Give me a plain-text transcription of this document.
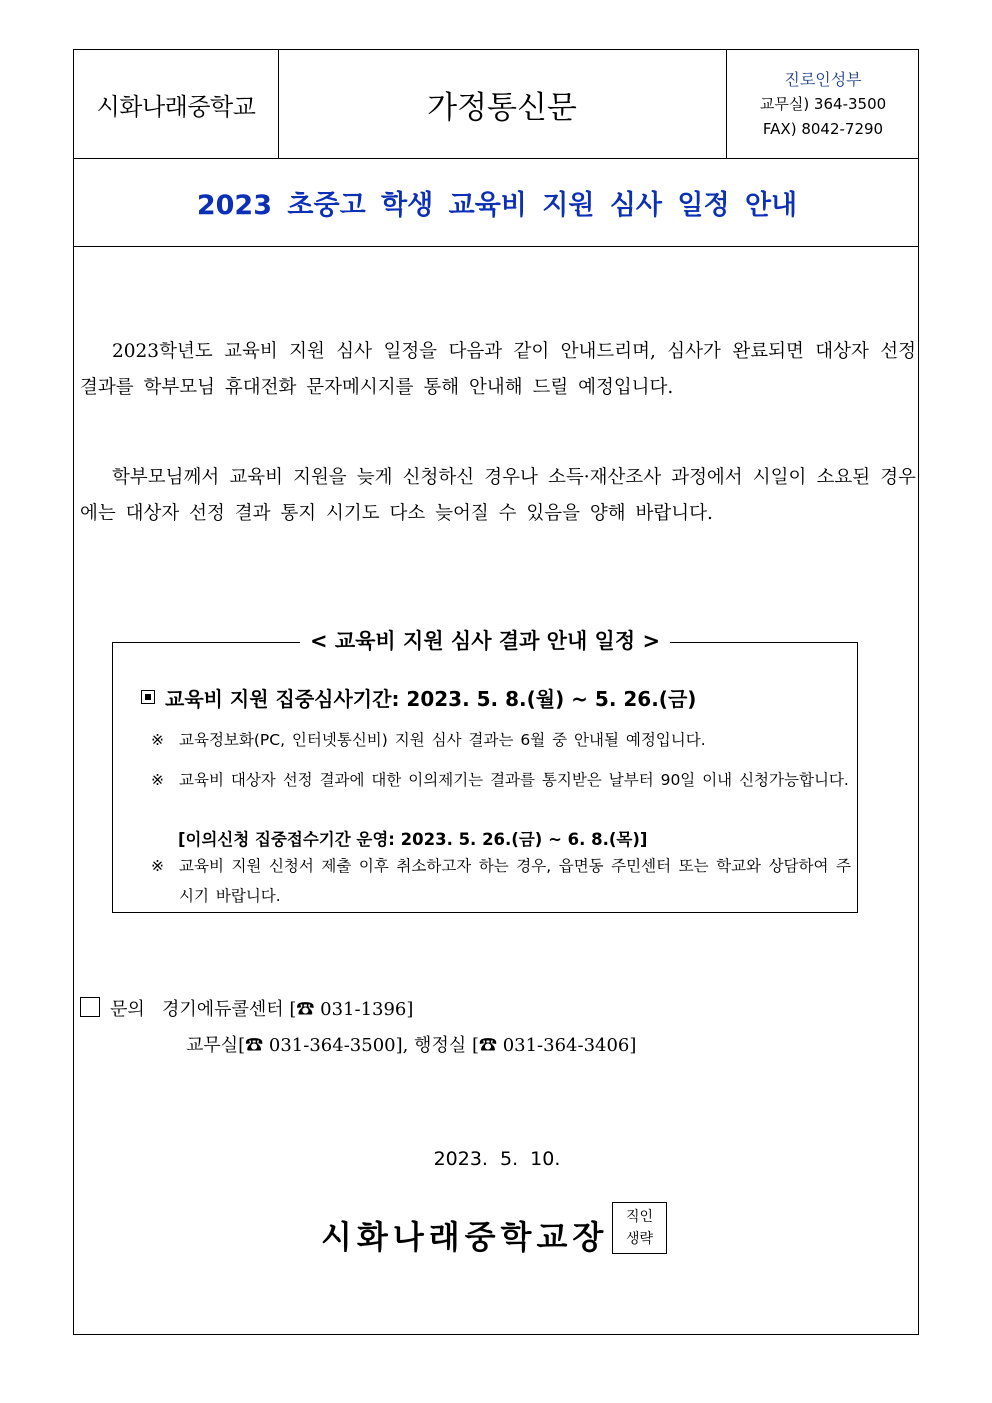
시화나래중학교	가정통신문
진로인성부
교무실) 364-3500
FAX) 8042-7290
2023 초중고 학생 교육비 지원 심사 일정 안내
2023학년도 교육비 지원 심사 일정을 다음과 같이 안내드리며, 심사가 완료되면 대상자 선정 결과를 학부모님 휴대전화 문자메시지를 통해 안내해 드릴 예정입니다.
학부모님께서 교육비 지원을 늦게 신청하신 경우나 소득·재산조사 과정에서 시일이 소요된 경우에는 대상자 선정 결과 통지 시기도 다소 늦어질 수 있음을 양해 바랍니다.
< 교육비 지원 심사 결과 안내 일정 >
교육비 지원 집중심사기간: 2023. 5. 8.(월) ~ 5. 26.(금)
※ 교육정보화(PC, 인터넷통신비) 지원 심사 결과는 6월 중 안내될 예정입니다.
※ 교육비 대상자 선정 결과에 대한 이의제기는 결과를 통지받은 날부터 90일 이내 신청가능합니다.
[이의신청 집중접수기간 운영: 2023. 5. 26.(금) ~ 6. 8.(목)]
※ 교육비 지원 신청서 제출 이후 취소하고자 하는 경우, 읍면동 주민센터 또는 학교와 상담하여 주시기 바랍니다.
문의 경기에듀콜센터 [☎ 031-1396]
교무실[☎ 031-364-3500], 행정실 [☎ 031-364-3406]
2023. 5. 10.
시화나래중학교장
직인
생략
